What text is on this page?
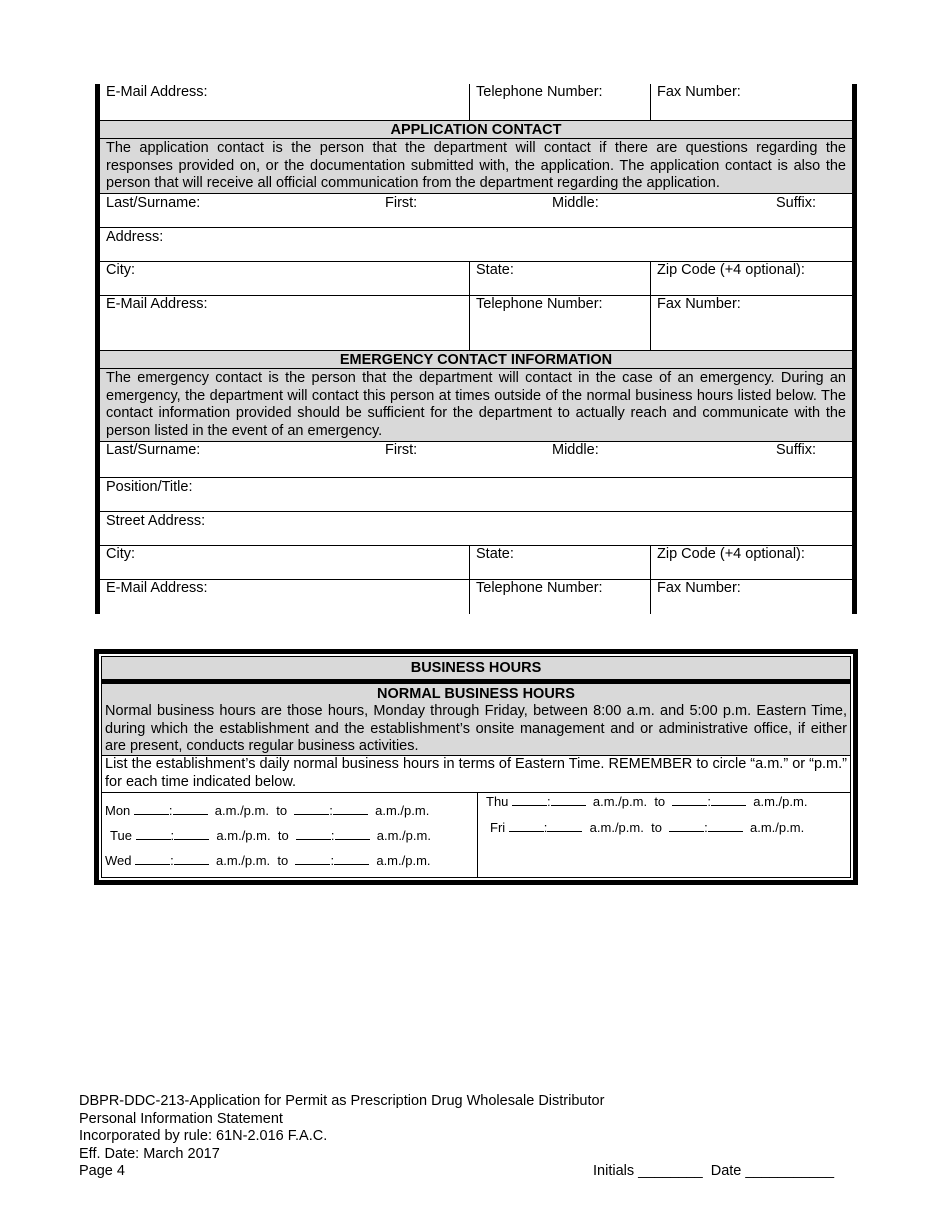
E-Mail Address:	Telephone Number:	Fax Number:
APPLICATION CONTACT
The application contact is the person that the department will contact if there are questions regarding the responses provided on, or the documentation submitted with, the application. The application contact is also the person that will receive all official communication from the department regarding the application.
Last/Surname:	First:	Middle:	Suffix:
Address:
City:	State:	Zip Code (+4 optional):
E-Mail Address:	Telephone Number:	Fax Number:
EMERGENCY CONTACT INFORMATION
The emergency contact is the person that the department will contact in the case of an emergency. During an emergency, the department will contact this person at times outside of the normal business hours listed below. The contact information provided should be sufficient for the department to actually reach and communicate with the person listed in the event of an emergency.
Last/Surname:	First:	Middle:	Suffix:
Position/Title:
Street Address:
City:	State:	Zip Code (+4 optional):
E-Mail Address:	Telephone Number:	Fax Number:
BUSINESS HOURS
NORMAL BUSINESS HOURS
Normal business hours are those hours, Monday through Friday, between 8:00 a.m. and 5:00 p.m. Eastern Time, during which the establishment and the establishment’s onsite management and or administrative office, if either are present, conducts regular business activities.
List the establishment’s daily normal business hours in terms of Eastern Time. REMEMBER to circle “a.m.” or “p.m.” for each time indicated below.
Mon	:	a.m./p.m. to	:	a.m./p.m.
Tue	:	a.m./p.m. to	:	a.m./p.m.
Wed	:	a.m./p.m. to	:	a.m./p.m.
Thu	:	a.m./p.m. to	:	a.m./p.m.
Fri	:	a.m./p.m. to	:	a.m./p.m.
DBPR-DDC-213-Application for Permit as Prescription Drug Wholesale Distributor
Personal Information Statement
Incorporated by rule: 61N-2.016 F.A.C.
Eff. Date: March 2017
Page 4	Initials ________ Date ___________
